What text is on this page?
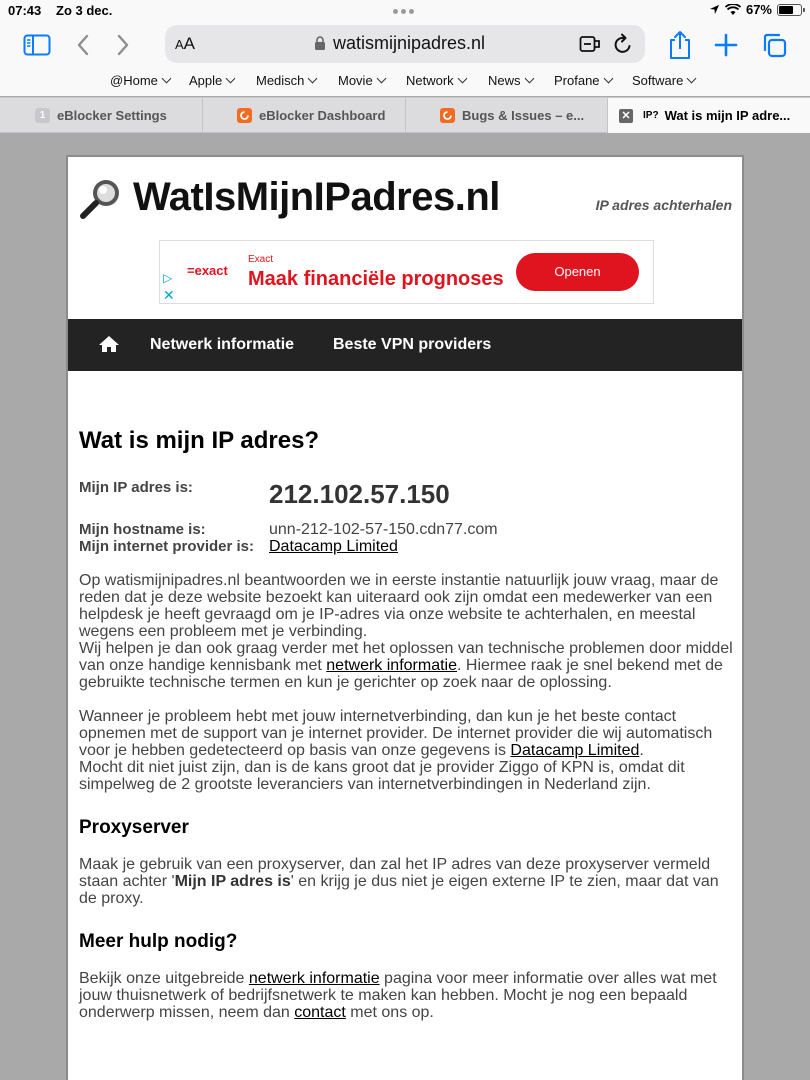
07:43 Zo 3 dec.	67%
AA	watismijnipadres.nl
@Home Apple	Medisch	Movie	Network	News	Profane Software
1 eBlocker Settings	eBlocker Dashboard	Bugs & Issues – e...	✕ IP? Wat is mijn IP adre...
WatIsMijnIPadres.nl	IP adres achterhalen
▷
✕
=exact
Exact
Maak financiële prognoses	Openen
Netwerk informatie Beste VPN providers
Wat is mijn IP adres?
Mijn IP adres is:	212.102.57.150
Mijn hostname is:	unn-212-102-57-150.cdn77.com
Mijn internet provider is: Datacamp Limited

Op watismijnipadres.nl beantwoorden we in eerste instantie natuurlijk jouw vraag, maar de reden dat je deze website bezoekt kan uiteraard ook zijn omdat een medewerker van een helpdesk je heeft gevraagd om je IP-adres via onze website te achterhalen, en meestal wegens een probleem met je verbinding.
Wij helpen je dan ook graag verder met het oplossen van technische problemen door middel van onze handige kennisbank met netwerk informatie. Hiermee raak je snel bekend met de gebruikte technische termen en kun je gerichter op zoek naar de oplossing.

Wanneer je probleem hebt met jouw internetverbinding, dan kun je het beste contact opnemen met de support van je internet provider. De internet provider die wij automatisch voor je hebben gedetecteerd op basis van onze gegevens is Datacamp Limited.
Mocht dit niet juist zijn, dan is de kans groot dat je provider Ziggo of KPN is, omdat dit simpelweg de 2 grootste leveranciers van internetverbindingen in Nederland zijn.

Proxyserver

Maak je gebruik van een proxyserver, dan zal het IP adres van deze proxyserver vermeld staan achter 'Mijn IP adres is' en krijg je dus niet je eigen externe IP te zien, maar dat van de proxy.

Meer hulp nodig?

Bekijk onze uitgebreide netwerk informatie pagina voor meer informatie over alles wat met jouw thuisnetwerk of bedrijfsnetwerk te maken kan hebben. Mocht je nog een bepaald onderwerp missen, neem dan contact met ons op.
